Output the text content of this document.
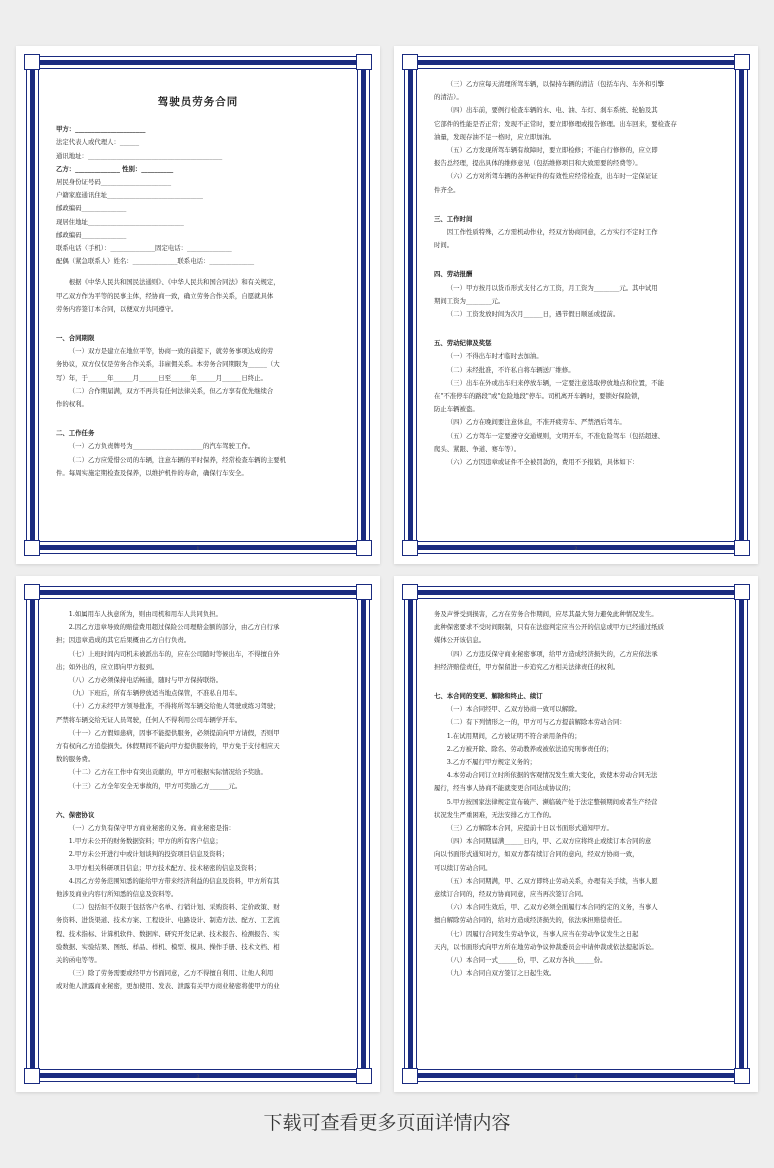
驾驶员劳务合同
甲方：______________________
法定代表人或代理人：______
通讯地址：__________________________________________
乙方：______________ 性别：__________
居民身份证号码______________________
户籍家庭通讯住址______________________________
邮政编码______________
现居住地址______________________________
邮政编码______________
联系电话（手机）：______________固定电话：______________
配偶（紧急联系人）姓名：______________联系电话：______________
根据《中华人民共和国民法通则》、《中华人民共和国合同法》和有关规定，
甲乙双方作为平等的民事主体，经协商一致，确立劳务合作关系，自愿就具体
劳务内容签订本合同，以便双方共同遵守。
一、合同期限
（一）双方是建立在地位平等，协商一致的前提下，就劳务事项达成的劳
务协议，双方仅仅是劳务合作关系，非雇佣关系。本劳务合同期限为______（大
写）年，于______年______月______日至______年______月______日终止。
（二）合作期届满，双方不再共有任何法律关系，但乙方享有优先继续合
作的权利。
二、工作任务
（一）乙方负责牌号为______________________的汽车驾驶工作。
（二）乙方应爱惜公司的车辆，注意车辆的平时保养，经常检查车辆的主要机
件。每周实施定期检查及保养，以维护机件的寿命，确保行车安全。
1
（三）乙方应每天清理所驾车辆，以保持车辆的清洁（包括车内、车外和引擎
的清洁）。
（四）出车前，要例行检查车辆的水、电、油、车灯、刹车系统、轮胎及其
它部件的性能是否正常；发现不正常时，要立即修理或报告修理。出车回来，要检查存
油量，发现存油不足一格时，应立即加油。
（五）乙方发现所驾车辆有故障时，要立即检修；不能自行修修的，应立即
报告总经理，提出具体的维修意见（包括维修项目和大致需要的经费等）。
（六）乙方对所驾车辆的各种证件的有效性应经常检查，出车时一定保证证
件齐全。
三、工作时间
因工作性质特殊，乙方需机动作业，经双方协商同意，乙方实行不定时工作
时间。
四、劳动报酬
（一）甲方按月以货币形式支付乙方工资，月工资为________元。其中试用
期间工资为________元。
（二）工资发放时间为次月______日，遇节假日顺延或提前。
五、劳动纪律及奖惩
（一）不得出车时才临时去加油。
（二）未经批准，不许私自将车辆送厂维修。
（三）出车在外或出车归来停放车辆，一定要注意选取停放地点和位置，不能
在"不准停车的路段"或"危险地段"停车。司机离开车辆时，要锁好保险锁，
防止车辆被盗。
（四）乙方在晚间要注意休息，不准开疲劳车、严禁酒后驾车。
（五）乙方驾车一定要遵守交通规则，文明开车，不准危险驾车（包括超速、
爬头、紧跟、争道、赛车等）。
（六）乙方因违章或证件不全被罚款的，费用不予报销，具体如下：
2
1.如属用车人执意所为，则由司机和用车人共同负担。
2.因乙方违章导致的赔偿费用超过保险公司理赔金额的部分，由乙方自行承
担；因违章造成的其它后果概由乙方自行负责。
（七）上班时间内司机未被派出车的，应在公司随时等候出车，不得擅自外
出；如外出的，应立即向甲方报到。
（八）乙方必须保持电话畅通，随时与甲方保持联络。
（九）下班后，所有车辆停放适当地点保管，不准私自用车。
（十）乙方未经甲方领导批准，不得将所驾车辆交给他人驾驶或练习驾驶；
严禁将车辆交给无证人员驾驶，任何人不得利用公司车辆学开车。
（十一）乙方假如患病，因事不能提供服务，必须提前向甲方请假，否则甲
方有权向乙方追偿损失。休假期间不能向甲方提供服务的，甲方免于支付相应天
数的服务费。
（十二）乙方在工作中有突出贡献的，甲方可根据实际情况给予奖励。
（十三）乙方全年安全无事故的，甲方可奖励乙方______元。
六、保密协议
（一）乙方负有保守甲方商业秘密的义务。商业秘密是指：
1.甲方未公开的财务数据资料；甲方的所有客户信息；
2.甲方未公开进行中或计划谈判的投资项目信息及资料；
3.甲方相关科研项目信息；甲方技术配方、技术秘密的信息及资料；
4.因乙方劳务范围知悉的能给甲方带来经济利益的信息及资料，甲方所有其
他涉及商业内容行所知悉的信息及资料等。
（二）包括但不仅限于包括客户名单、行销计划、采购资料、定价政策、财
务资料、进货渠道、技术方案、工程设计、电路设计、制造方法、配方、工艺流
程、技术指标、计算机软件、数据库、研究开发记录、技术报告、检测报告、实
验数据、实验结果、图纸、样品、样机、模型、模具、操作手册、技术文档、相
关的函电等等。
（三）除了劳务需要或经甲方书面同意，乙方不得擅自利用、让他人利用
或对他人泄露商业秘密，更加使用、发表、泄露有关甲方商业秘密将使甲方的业
3
务及声誉受到损害，乙方在劳务合作期间，应尽其最大努力避免此种情况发生。
此种保密要求不受时间限制，只有在法庭判定应当公开的信息或甲方已经通过纸质
媒体公开该信息。
（四）乙方违反保守商业秘密事项，给甲方造成经济损失的，乙方应依法承
担经济赔偿责任，甲方保留进一步追究乙方相关法律责任的权利。
七、本合同的变更、解除和终止、续订
（一）本合同经甲、乙双方协商一致可以解除。
（二）有下列情形之一的，甲方可与乙方提前解除本劳动合同：
1.在试用期间，乙方被证明不符合录用条件的；
2.乙方被开除、除名、劳动教养或被依法追究刑事责任的；
3.乙方不履行甲方规定义务的；
4.本劳动合同订立时所依据的客观情况发生重大变化，致使本劳动合同无法
履行，经当事人协商不能就变更合同达成协议的；
5.甲方按国家法律规定宣布破产、濒临破产处于法定整顿期间或者生产经营
状况发生严重困难，无法安排乙方工作的。
（三）乙方解除本合同，应提前十日以书面形式通知甲方。
（四）本合同期届满______日内，甲、乙双方应将终止或续订本合同的意
向以书面形式通知对方，如双方都有续订合同的意向，经双方协商一致，
可以续订劳动合同。
（五）本合同期满，甲、乙双方即终止劳动关系，办理有关手续，当事人愿
意续订合同的，经双方协商同意，应当再次签订合同。
（六）本合同生效后，甲、乙双方必须全面履行本合同约定的义务，当事人
擅自解除劳动合同的，给对方造成经济损失的，依法承担赔偿责任。
（七）因履行合同发生劳动争议，当事人应当在劳动争议发生之日起
天内，以书面形式向甲方所在地劳动争议仲裁委员会申请仲裁或依法提起诉讼。
（八）本合同一式______份，甲、乙双方各执______份。
（九）本合同自双方签订之日起生效。
4
下载可查看更多页面详情内容
